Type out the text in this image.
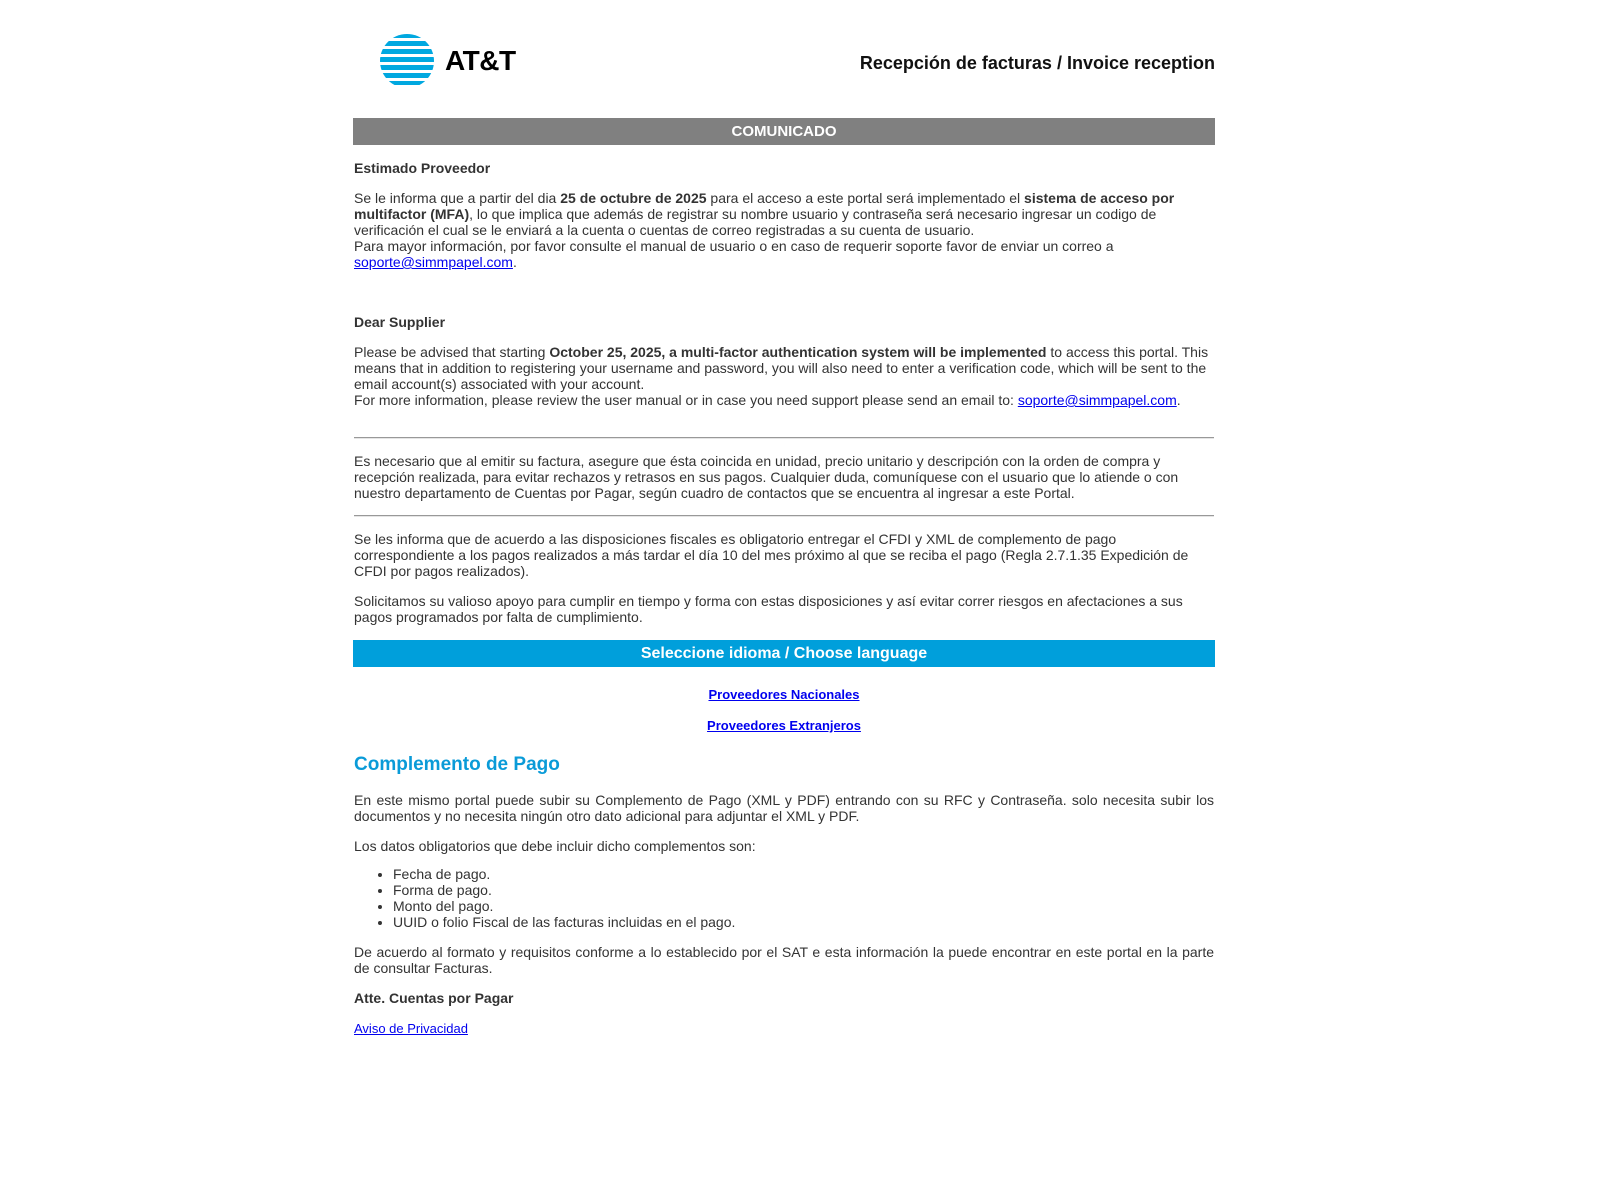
AT&T	Recepción de facturas / Invoice reception
COMUNICADO

Estimado Proveedor

Se le informa que a partir del dia 25 de octubre de 2025 para el acceso a este portal será implementado el sistema de acceso por multifactor (MFA), lo que implica que además de registrar su nombre usuario y contraseña será necesario ingresar un codigo de verificación el cual se le enviará a la cuenta o cuentas de correo registradas a su cuenta de usuario.
Para mayor información, por favor consulte el manual de usuario o en caso de requerir soporte favor de enviar un correo a soporte@simmpapel.com.

Dear Supplier

Please be advised that starting October 25, 2025, a multi-factor authentication system will be implemented to access this portal. This means that in addition to registering your username and password, you will also need to enter a verification code, which will be sent to the email account(s) associated with your account.
For more information, please review the user manual or in case you need support please send an email to: soporte@simmpapel.com.

Es necesario que al emitir su factura, asegure que ésta coincida en unidad, precio unitario y descripción con la orden de compra y recepción realizada, para evitar rechazos y retrasos en sus pagos. Cualquier duda, comuníquese con el usuario que lo atiende o con nuestro departamento de Cuentas por Pagar, según cuadro de contactos que se encuentra al ingresar a este Portal.

Se les informa que de acuerdo a las disposiciones fiscales es obligatorio entregar el CFDI y XML de complemento de pago correspondiente a los pagos realizados a más tardar el día 10 del mes próximo al que se reciba el pago (Regla 2.7.1.35 Expedición de CFDI por pagos realizados).

Solicitamos su valioso apoyo para cumplir en tiempo y forma con estas disposiciones y así evitar correr riesgos en afectaciones a sus pagos programados por falta de cumplimiento.

Seleccione idioma / Choose language
Proveedores Nacionales
Proveedores Extranjeros
Complemento de Pago

En este mismo portal puede subir su Complemento de Pago (XML y PDF) entrando con su RFC y Contraseña. solo necesita subir los documentos y no necesita ningún otro dato adicional para adjuntar el XML y PDF.

Los datos obligatorios que debe incluir dicho complementos son:

• Fecha de pago.
• Forma de pago.
• Monto del pago.
• UUID o folio Fiscal de las facturas incluidas en el pago.

De acuerdo al formato y requisitos conforme a lo establecido por el SAT e esta información la puede encontrar en este portal en la parte de consultar Facturas.

Atte. Cuentas por Pagar

Aviso de Privacidad
